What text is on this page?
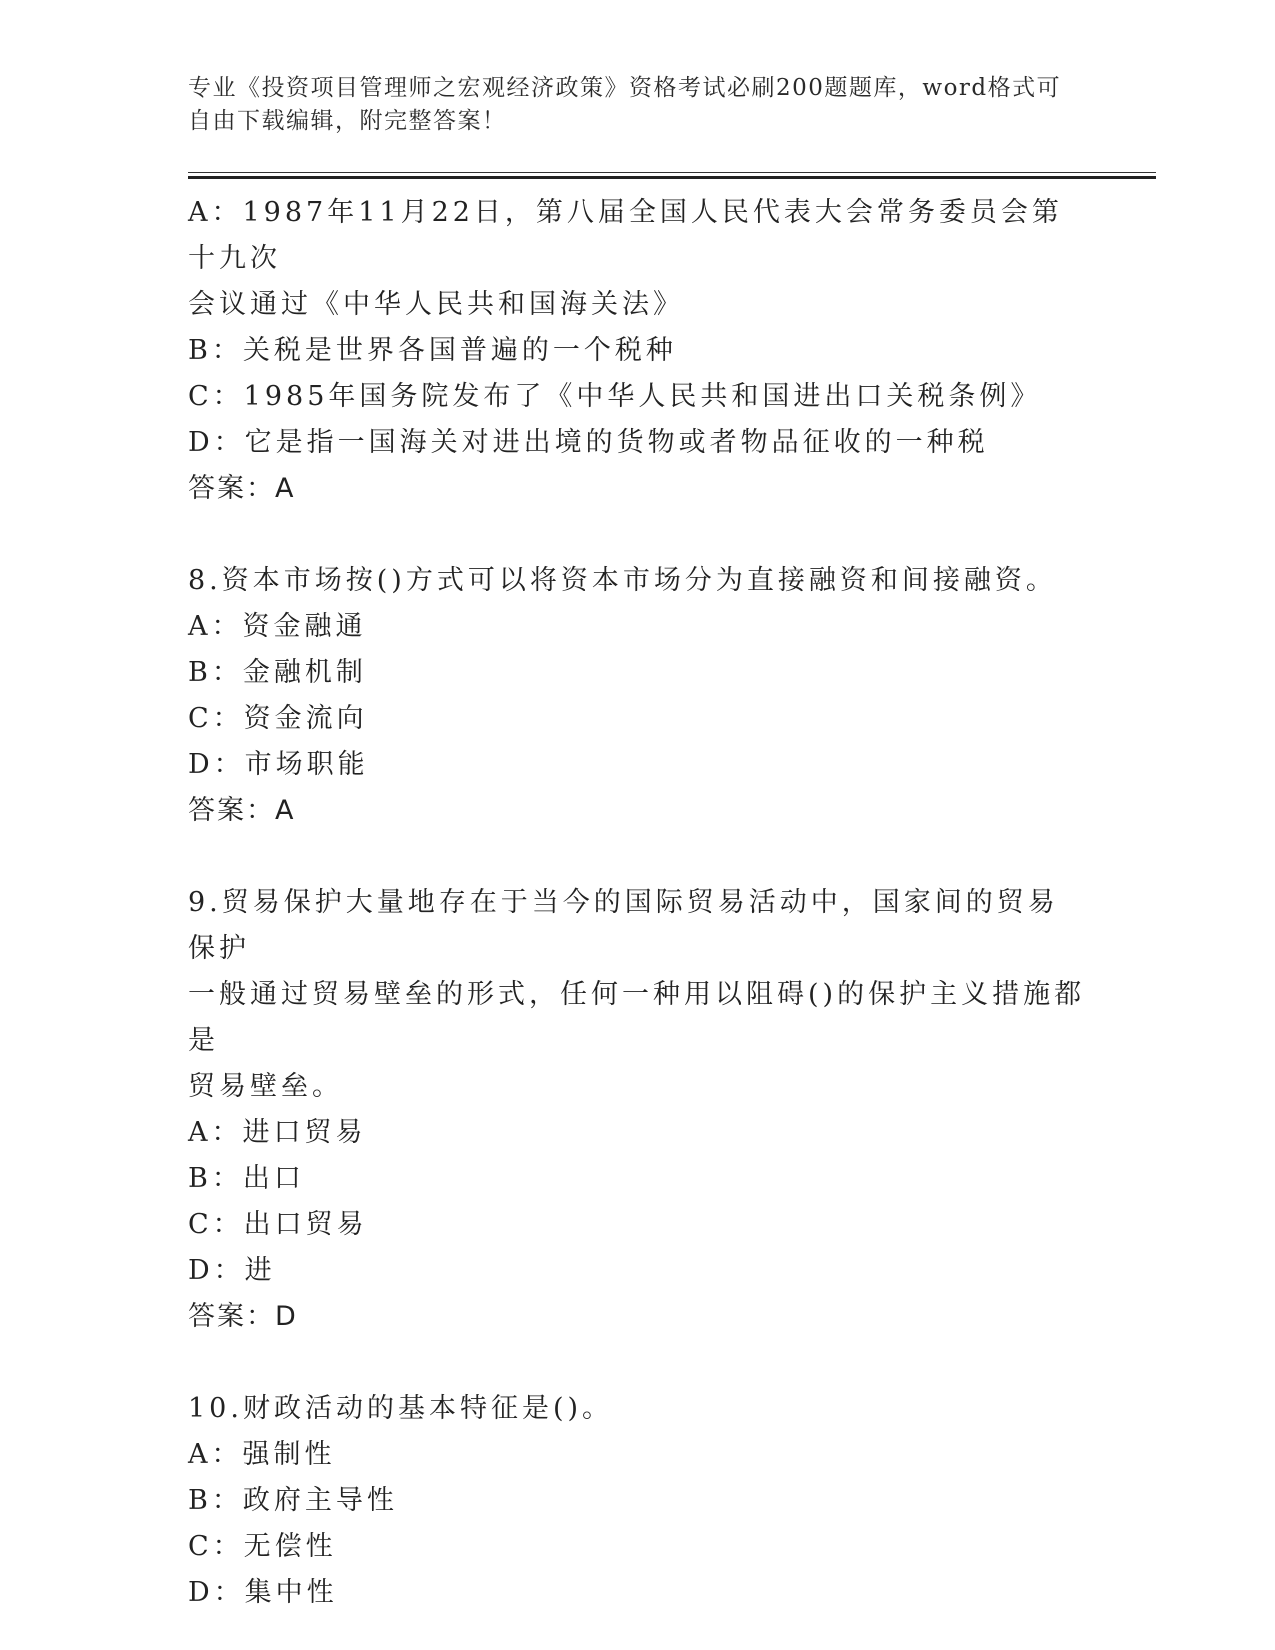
专业《投资项目管理师之宏观经济政策》资格考试必刷200题题库，word格式可
自由下载编辑，附完整答案！

A：1987年11月22日，第八届全国人民代表大会常务委员会第十九次

会议通过《中华人民共和国海关法》

B：关税是世界各国普遍的一个税种

C：1985年国务院发布了《中华人民共和国进出口关税条例》

D：它是指一国海关对进出境的货物或者物品征收的一种税

答案：A

8.资本市场按()方式可以将资本市场分为直接融资和间接融资。

A：资金融通

B：金融机制

C：资金流向

D：市场职能

答案：A

9.贸易保护大量地存在于当今的国际贸易活动中，国家间的贸易保护

一般通过贸易壁垒的形式，任何一种用以阻碍()的保护主义措施都是

贸易壁垒。

A：进口贸易

B：出口

C：出口贸易

D：进

答案：D

10.财政活动的基本特征是()。

A：强制性

B：政府主导性

C：无偿性

D：集中性
